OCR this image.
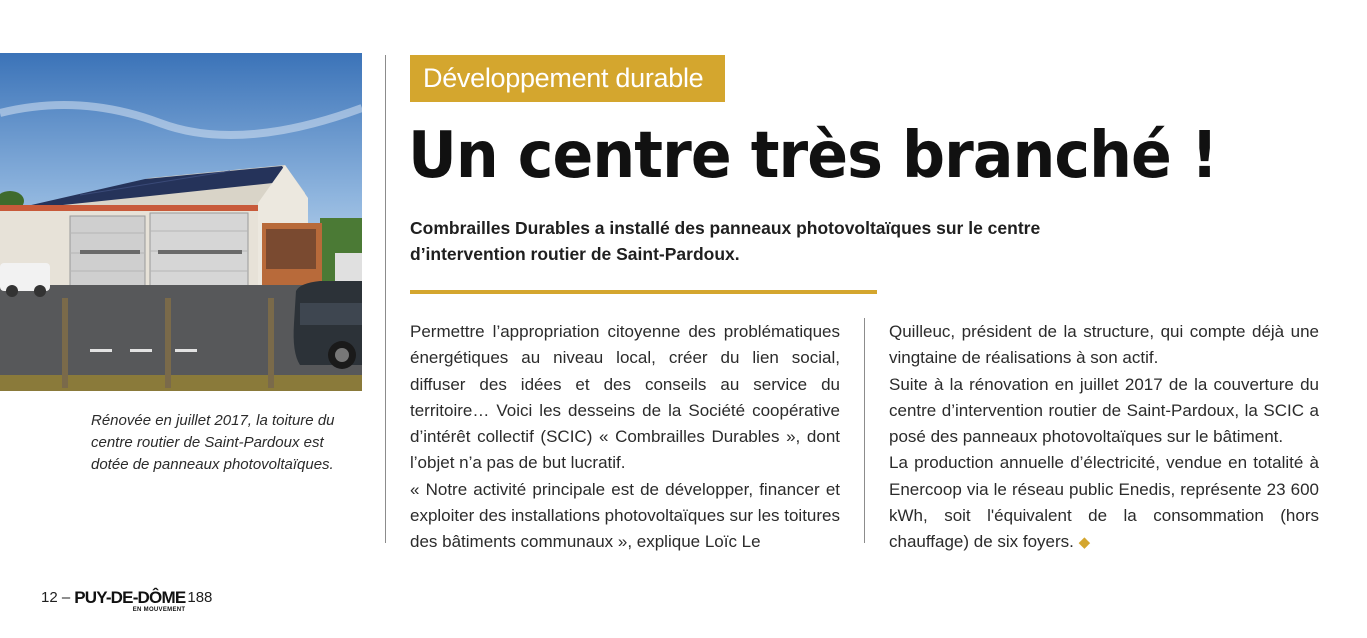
Rénovée en juillet 2017, la toiture du centre routier de Saint-Pardoux est dotée de panneaux photovoltaïques.
Développement durable
Un centre très branché !

Combrailles Durables a installé des panneaux photovoltaïques sur le centre d’intervention routier de Saint-Pardoux.

Permettre l’appropriation citoyenne des problématiques énergétiques au niveau local, créer du lien social, diffuser des idées et des conseils au service du territoire… Voici les desseins de la Société coopérative d’intérêt collectif (SCIC) « Combrailles Durables », dont l’objet n’a pas de but lucratif.

« Notre activité principale est de développer, financer et exploiter des installations photovoltaïques sur les toitures des bâtiments communaux », explique Loïc Le

Quilleuc, président de la structure, qui compte déjà une vingtaine de réalisations à son actif.

Suite à la rénovation en juillet 2017 de la couverture du centre d’intervention routier de Saint-Pardoux, la SCIC a posé des panneaux photovoltaïques sur le bâtiment.

La production annuelle d’électricité, vendue en totalité à Enercoop via le réseau public Enedis, représente 23 600 kWh, soit l'équivalent de la consommation (hors chauffage) de six foyers. ◆

12 – PUY-DE-DÔME
EN MOUVEMENT
188
